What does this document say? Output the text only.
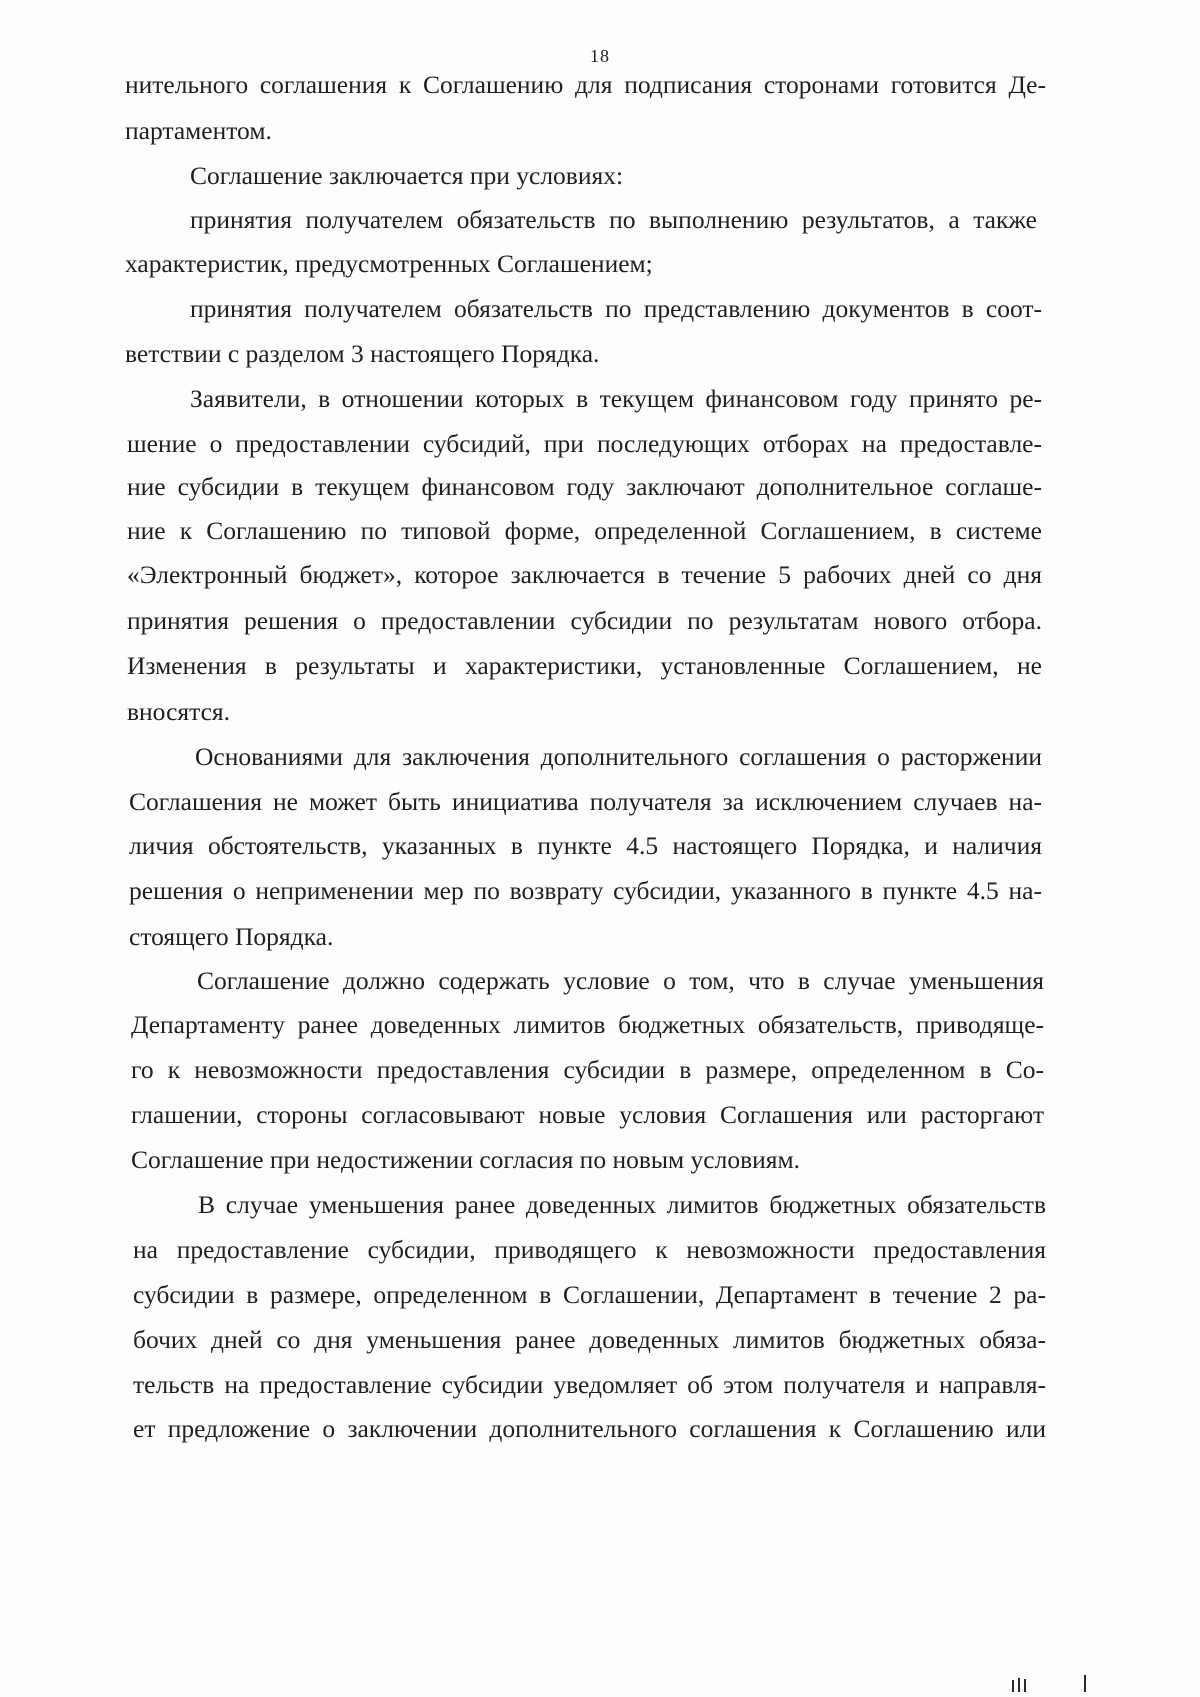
18
нительного соглашения к Соглашению для подписания сторонами готовится Де-
партаментом.
Соглашение заключается при условиях:
принятия получателем обязательств по выполнению результатов, а также
характеристик, предусмотренных Соглашением;
принятия получателем обязательств по представлению документов в соот-
ветствии с разделом 3 настоящего Порядка.
Заявители, в отношении которых в текущем финансовом году принято ре-
шение о предоставлении субсидий, при последующих отборах на предоставле-
ние субсидии в текущем финансовом году заключают дополнительное соглаше-
ние к Соглашению по типовой форме, определенной Соглашением, в системе
«Электронный бюджет», которое заключается в течение 5 рабочих дней со дня
принятия решения о предоставлении субсидии по результатам нового отбора.
Изменения в результаты и характеристики, установленные Соглашением, не
вносятся.
Основаниями для заключения дополнительного соглашения о расторжении
Соглашения не может быть инициатива получателя за исключением случаев на-
личия обстоятельств, указанных в пункте 4.5 настоящего Порядка, и наличия
решения о неприменении мер по возврату субсидии, указанного в пункте 4.5 на-
стоящего Порядка.
Соглашение должно содержать условие о том, что в случае уменьшения
Департаменту ранее доведенных лимитов бюджетных обязательств, приводяще-
го к невозможности предоставления субсидии в размере, определенном в Со-
глашении, стороны согласовывают новые условия Соглашения или расторгают
Соглашение при недостижении согласия по новым условиям.
В случае уменьшения ранее доведенных лимитов бюджетных обязательств
на предоставление субсидии, приводящего к невозможности предоставления
субсидии в размере, определенном в Соглашении, Департамент в течение 2 ра-
бочих дней со дня уменьшения ранее доведенных лимитов бюджетных обяза-
тельств на предоставление субсидии уведомляет об этом получателя и направля-
ет предложение о заключении дополнительного соглашения к Соглашению или
